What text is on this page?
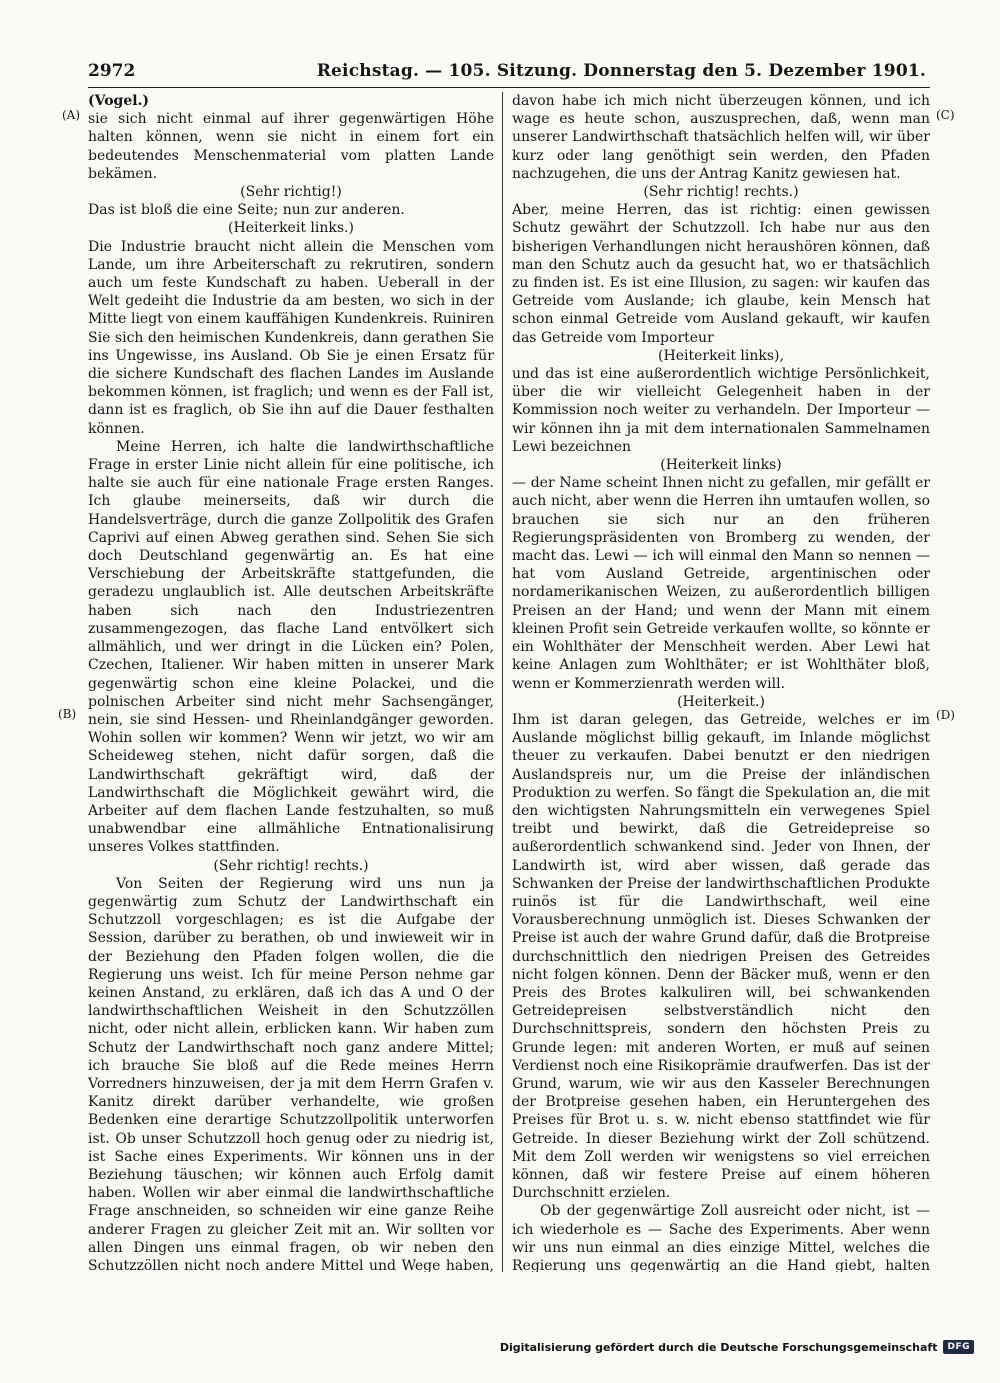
2972	Reichstag. — 105. Sitzung. Donnerstag den 5. Dezember 1901.
(A)
(B)
(C)
(D)

(Vogel.)

sie sich nicht einmal auf ihrer gegenwärtigen Höhe halten können, wenn sie nicht in einem fort ein bedeutendes Menschenmaterial vom platten Lande bekämen.

(Sehr richtig!)

Das ist bloß die eine Seite; nun zur anderen.

(Heiterkeit links.)

Die Industrie braucht nicht allein die Menschen vom Lande, um ihre Arbeiterschaft zu rekrutiren, sondern auch um feste Kundschaft zu haben. Ueberall in der Welt gedeiht die Industrie da am besten, wo sich in der Mitte liegt von einem kauffähigen Kundenkreis. Ruiniren Sie sich den heimischen Kundenkreis, dann gerathen Sie ins Ungewisse, ins Ausland. Ob Sie je einen Ersatz für die sichere Kundschaft des flachen Landes im Auslande bekommen können, ist fraglich; und wenn es der Fall ist, dann ist es fraglich, ob Sie ihn auf die Dauer festhalten können.

Meine Herren, ich halte die landwirthschaftliche Frage in erster Linie nicht allein für eine politische, ich halte sie auch für eine nationale Frage ersten Ranges. Ich glaube meinerseits, daß wir durch die Handelsverträge, durch die ganze Zollpolitik des Grafen Caprivi auf einen Abweg gerathen sind. Sehen Sie sich doch Deutschland gegenwärtig an. Es hat eine Verschiebung der Arbeitskräfte stattgefunden, die geradezu unglaublich ist. Alle deutschen Arbeitskräfte haben sich nach den Industriezentren zusammengezogen, das flache Land entvölkert sich allmählich, und wer dringt in die Lücken ein? Polen, Czechen, Italiener. Wir haben mitten in unserer Mark gegenwärtig schon eine kleine Polackei, und die polnischen Arbeiter sind nicht mehr Sachsengänger, nein, sie sind Hessen- und Rheinlandgänger geworden. Wohin sollen wir kommen? Wenn wir jetzt, wo wir am Scheideweg stehen, nicht dafür sorgen, daß die Landwirthschaft gekräftigt wird, daß der Landwirthschaft die Möglichkeit gewährt wird, die Arbeiter auf dem flachen Lande festzuhalten, so muß unabwendbar eine allmähliche Entnationalisirung unseres Volkes stattfinden.

(Sehr richtig! rechts.)

Von Seiten der Regierung wird uns nun ja gegenwärtig zum Schutz der Landwirthschaft ein Schutzzoll vorgeschlagen; es ist die Aufgabe der Session, darüber zu berathen, ob und inwieweit wir in der Beziehung den Pfaden folgen wollen, die die Regierung uns weist. Ich für meine Person nehme gar keinen Anstand, zu erklären, daß ich das A und O der landwirthschaftlichen Weisheit in den Schutzzöllen nicht, oder nicht allein, erblicken kann. Wir haben zum Schutz der Landwirthschaft noch ganz andere Mittel; ich brauche Sie bloß auf die Rede meines Herrn Vorredners hinzuweisen, der ja mit dem Herrn Grafen v. Kanitz direkt darüber verhandelte, wie großen Bedenken eine derartige Schutzzollpolitik unterworfen ist. Ob unser Schutzzoll hoch genug oder zu niedrig ist, ist Sache eines Experiments. Wir können uns in der Beziehung täuschen; wir können auch Erfolg damit haben. Wollen wir aber einmal die landwirthschaftliche Frage anschneiden, so schneiden wir eine ganze Reihe anderer Fragen zu gleicher Zeit mit an. Wir sollten vor allen Dingen uns einmal fragen, ob wir neben den Schutzzöllen nicht noch andere Mittel und Wege haben,

davon habe ich mich nicht überzeugen können, und ich wage es heute schon, auszusprechen, daß, wenn man unserer Landwirthschaft thatsächlich helfen will, wir über kurz oder lang genöthigt sein werden, den Pfaden nachzugehen, die uns der Antrag Kanitz gewiesen hat.

(Sehr richtig! rechts.)

Aber, meine Herren, das ist richtig: einen gewissen Schutz gewährt der Schutzzoll. Ich habe nur aus den bisherigen Verhandlungen nicht heraushören können, daß man den Schutz auch da gesucht hat, wo er thatsächlich zu finden ist. Es ist eine Illusion, zu sagen: wir kaufen das Getreide vom Auslande; ich glaube, kein Mensch hat schon einmal Getreide vom Ausland gekauft, wir kaufen das Getreide vom Importeur

(Heiterkeit links),

und das ist eine außerordentlich wichtige Persönlichkeit, über die wir vielleicht Gelegenheit haben in der Kommission noch weiter zu verhandeln. Der Importeur — wir können ihn ja mit dem internationalen Sammelnamen Lewi bezeichnen

(Heiterkeit links)

— der Name scheint Ihnen nicht zu gefallen, mir gefällt er auch nicht, aber wenn die Herren ihn umtaufen wollen, so brauchen sie sich nur an den früheren Regierungspräsidenten von Bromberg zu wenden, der macht das. Lewi — ich will einmal den Mann so nennen — hat vom Ausland Getreide, argentinischen oder nordamerikanischen Weizen, zu außerordentlich billigen Preisen an der Hand; und wenn der Mann mit einem kleinen Profit sein Getreide verkaufen wollte, so könnte er ein Wohlthäter der Menschheit werden. Aber Lewi hat keine Anlagen zum Wohlthäter; er ist Wohlthäter bloß, wenn er Kommerzienrath werden will.

(Heiterkeit.)

Ihm ist daran gelegen, das Getreide, welches er im Auslande möglichst billig gekauft, im Inlande möglichst theuer zu verkaufen. Dabei benutzt er den niedrigen Auslandspreis nur, um die Preise der inländischen Produktion zu werfen. So fängt die Spekulation an, die mit den wichtigsten Nahrungsmitteln ein verwegenes Spiel treibt und bewirkt, daß die Getreidepreise so außerordentlich schwankend sind. Jeder von Ihnen, der Landwirth ist, wird aber wissen, daß gerade das Schwanken der Preise der landwirthschaftlichen Produkte ruinös ist für die Landwirthschaft, weil eine Vorausberechnung unmöglich ist. Dieses Schwanken der Preise ist auch der wahre Grund dafür, daß die Brotpreise durchschnittlich den niedrigen Preisen des Getreides nicht folgen können. Denn der Bäcker muß, wenn er den Preis des Brotes kalkuliren will, bei schwankenden Getreidepreisen selbstverständlich nicht den Durchschnittspreis, sondern den höchsten Preis zu Grunde legen: mit anderen Worten, er muß auf seinen Verdienst noch eine Risikoprämie draufwerfen. Das ist der Grund, warum, wie wir aus den Kasseler Berechnungen der Brotpreise gesehen haben, ein Heruntergehen des Preises für Brot u. s. w. nicht ebenso stattfindet wie für Getreide. In dieser Beziehung wirkt der Zoll schützend. Mit dem Zoll werden wir wenigstens so viel erreichen können, daß wir festere Preise auf einem höheren Durchschnitt erzielen.

Ob der gegenwärtige Zoll ausreicht oder nicht, ist — ich wiederhole es — Sache des Experiments. Aber wenn wir uns nun einmal an dies einzige Mittel, welches die Regierung uns gegenwärtig an die Hand giebt, halten

Digitalisierung gefördert durch die Deutsche Forschungsgemeinschaft	DFG
